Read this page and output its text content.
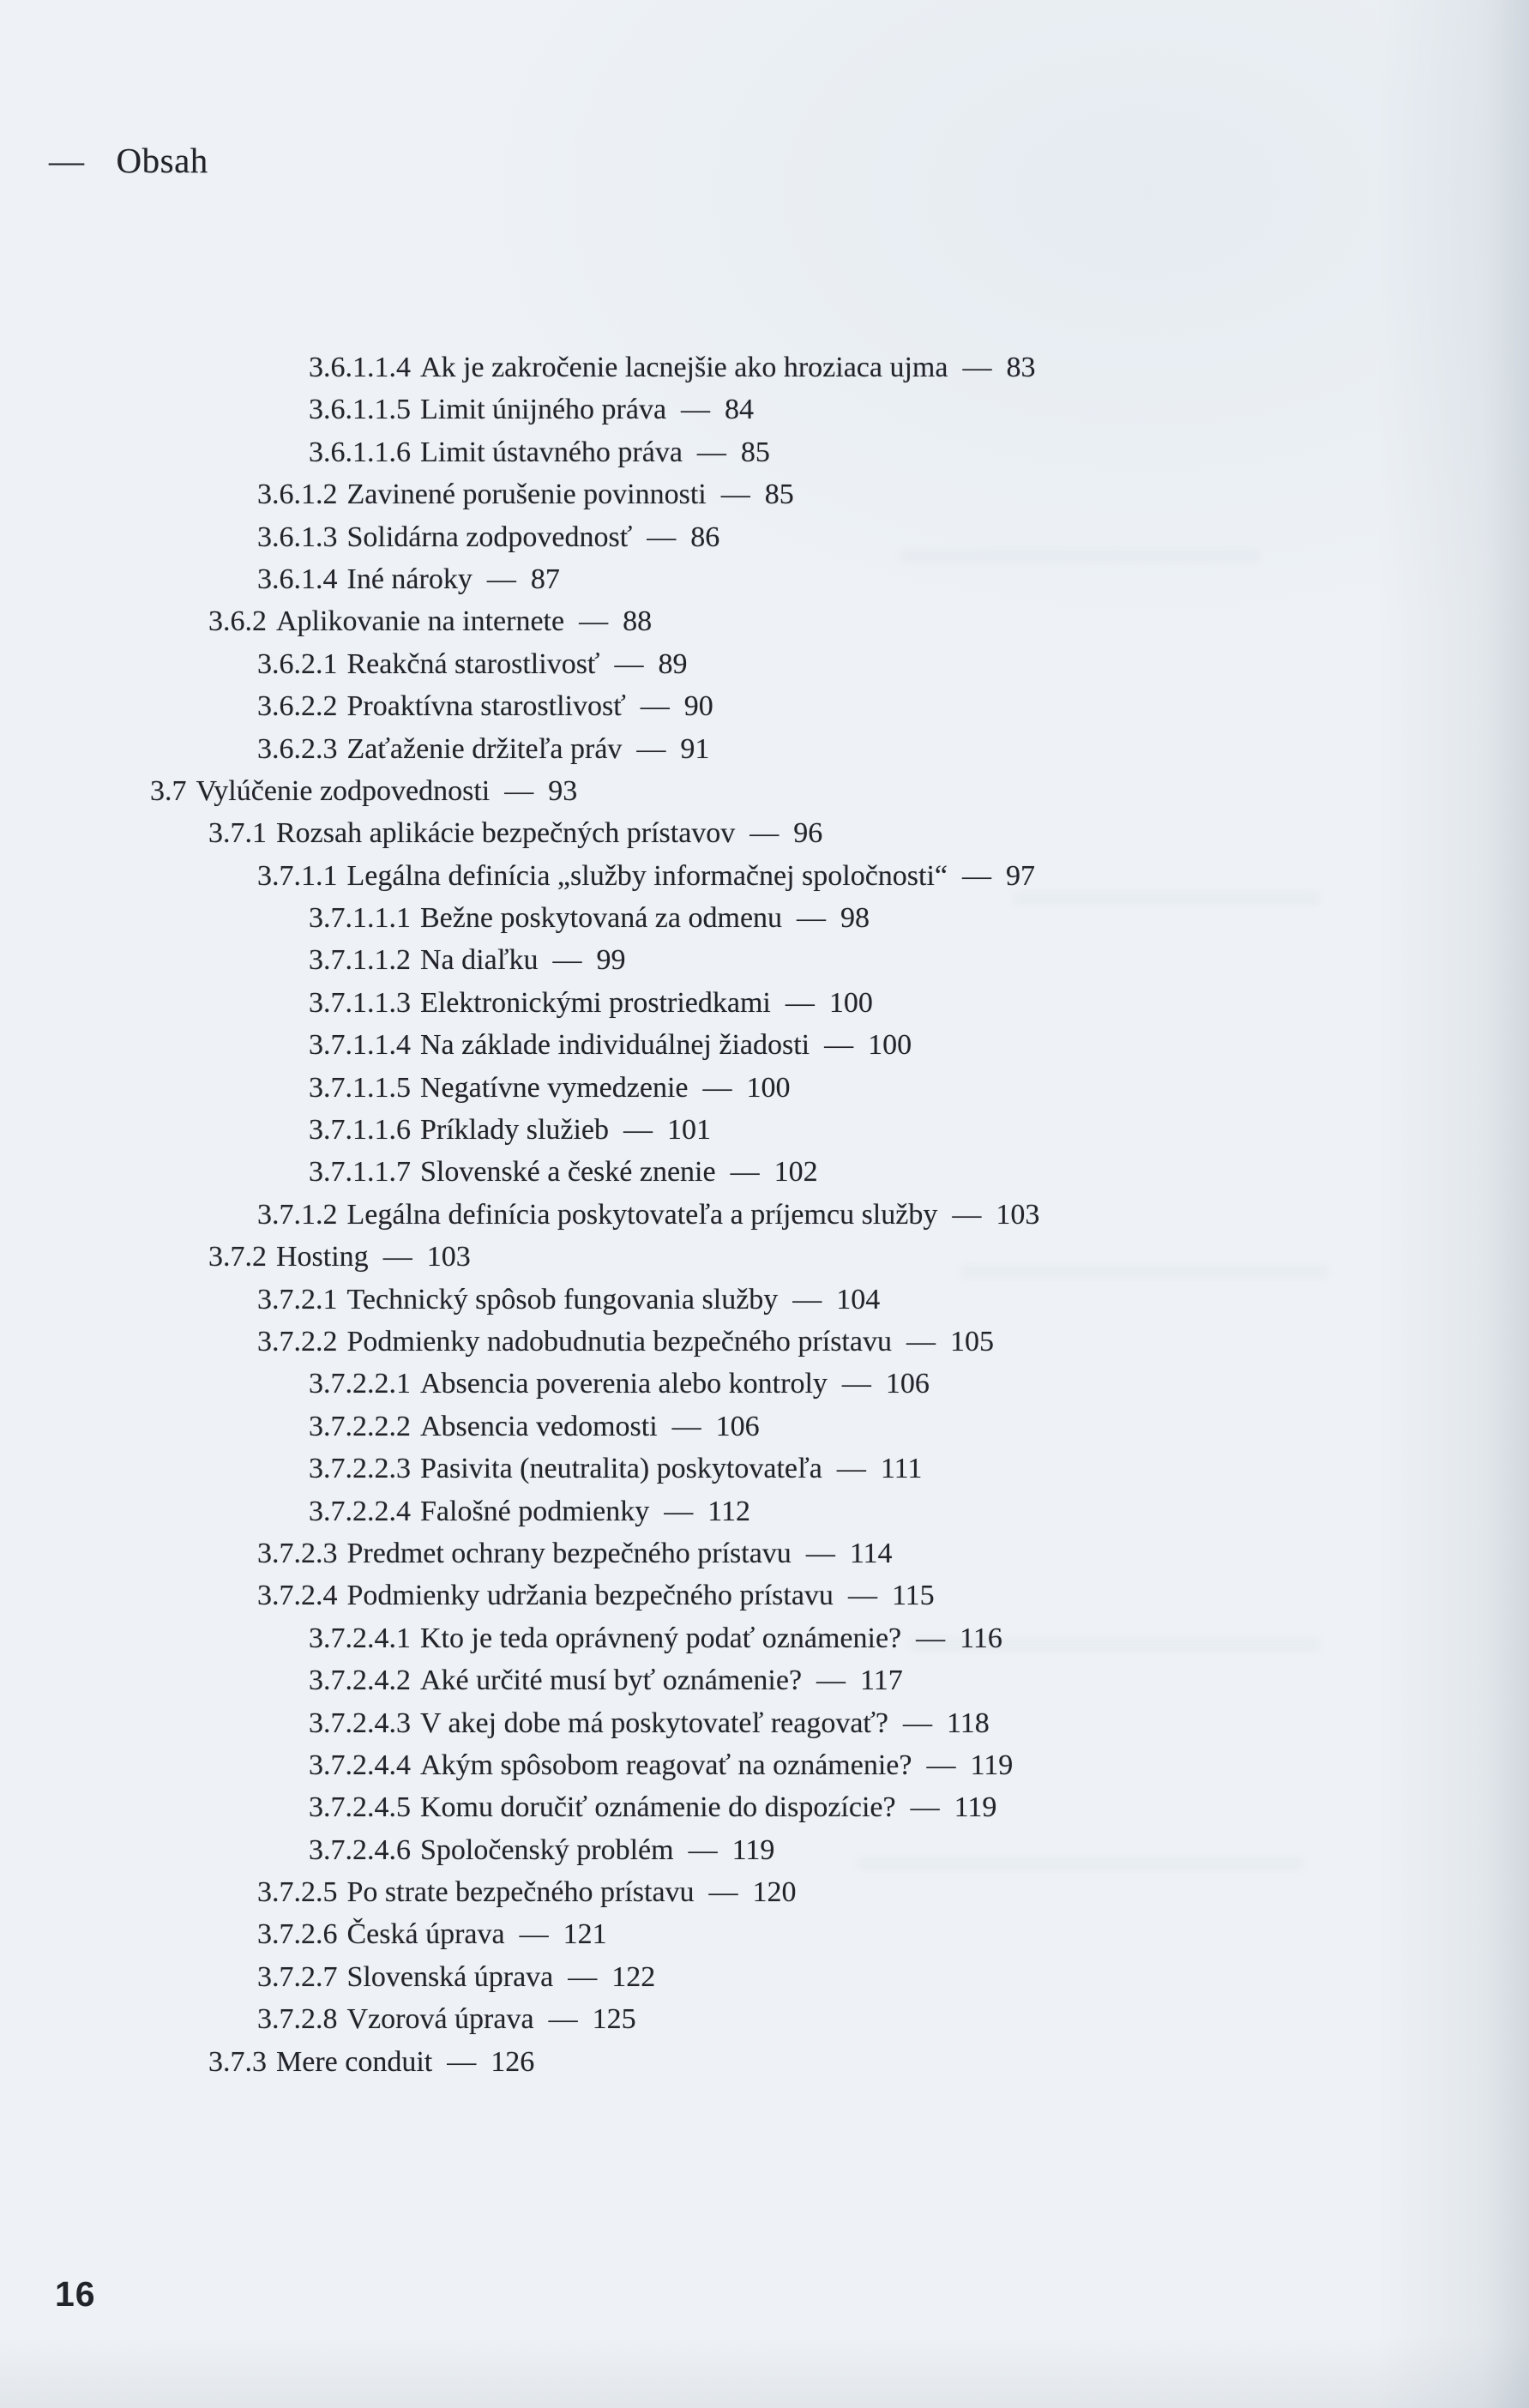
— Obsah
3.6.1.1.4 Ak je zakročenie lacnejšie ako hroziaca ujma — 83
3.6.1.1.5 Limit únijného práva — 84
3.6.1.1.6 Limit ústavného práva — 85
3.6.1.2 Zavinené porušenie povinnosti — 85
3.6.1.3 Solidárna zodpovednosť — 86
3.6.1.4 Iné nároky — 87
3.6.2 Aplikovanie na internete — 88
3.6.2.1 Reakčná starostlivosť — 89
3.6.2.2 Proaktívna starostlivosť — 90
3.6.2.3 Zaťaženie držiteľa práv — 91
3.7 Vylúčenie zodpovednosti — 93
3.7.1 Rozsah aplikácie bezpečných prístavov — 96
3.7.1.1 Legálna definícia „služby informačnej spoločnosti“ — 97
3.7.1.1.1 Bežne poskytovaná za odmenu — 98
3.7.1.1.2 Na diaľku — 99
3.7.1.1.3 Elektronickými prostriedkami — 100
3.7.1.1.4 Na základe individuálnej žiadosti — 100
3.7.1.1.5 Negatívne vymedzenie — 100
3.7.1.1.6 Príklady služieb — 101
3.7.1.1.7 Slovenské a české znenie — 102
3.7.1.2 Legálna definícia poskytovateľa a príjemcu služby — 103
3.7.2 Hosting — 103
3.7.2.1 Technický spôsob fungovania služby — 104
3.7.2.2 Podmienky nadobudnutia bezpečného prístavu — 105
3.7.2.2.1 Absencia poverenia alebo kontroly — 106
3.7.2.2.2 Absencia vedomosti — 106
3.7.2.2.3 Pasivita (neutralita) poskytovateľa — 111
3.7.2.2.4 Falošné podmienky — 112
3.7.2.3 Predmet ochrany bezpečného prístavu — 114
3.7.2.4 Podmienky udržania bezpečného prístavu — 115
3.7.2.4.1 Kto je teda oprávnený podať oznámenie? — 116
3.7.2.4.2 Aké určité musí byť oznámenie? — 117
3.7.2.4.3 V akej dobe má poskytovateľ reagovať? — 118
3.7.2.4.4 Akým spôsobom reagovať na oznámenie? — 119
3.7.2.4.5 Komu doručiť oznámenie do dispozície? — 119
3.7.2.4.6 Spoločenský problém — 119
3.7.2.5 Po strate bezpečného prístavu — 120
3.7.2.6 Česká úprava — 121
3.7.2.7 Slovenská úprava — 122
3.7.2.8 Vzorová úprava — 125
3.7.3 Mere conduit — 126
16
